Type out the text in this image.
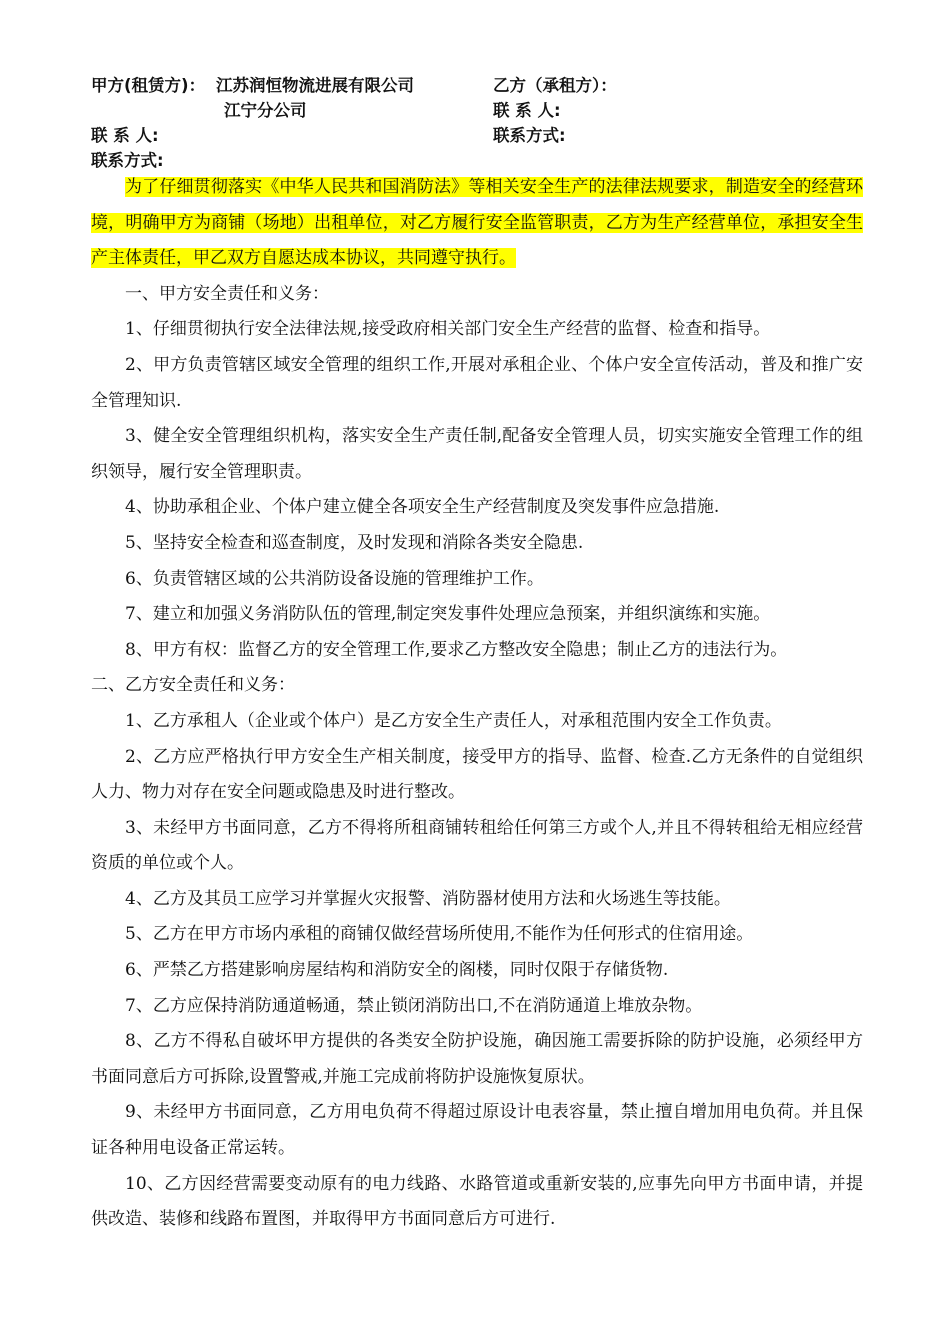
甲方(租赁方)： 江苏润恒物流进展有限公司
江宁分公司
联 系 人:
联系方式:
乙方（承租方）：
联 系 人:
联系方式:

为了仔细贯彻落实《中华人民共和国消防法》等相关安全生产的法律法规要求，制造安全的经营环境，明确甲方为商铺（场地）出租单位，对乙方履行安全监管职责，乙方为生产经营单位，承担安全生产主体责任，甲乙双方自愿达成本协议，共同遵守执行。

一、甲方安全责任和义务：

1、仔细贯彻执行安全法律法规,接受政府相关部门安全生产经营的监督、检查和指导。

2、甲方负责管辖区域安全管理的组织工作,开展对承租企业、个体户安全宣传活动，普及和推广安全管理知识.

3、健全安全管理组织机构，落实安全生产责任制,配备安全管理人员，切实实施安全管理工作的组织领导，履行安全管理职责。

4、协助承租企业、个体户建立健全各项安全生产经营制度及突发事件应急措施.

5、坚持安全检查和巡查制度，及时发现和消除各类安全隐患.

6、负责管辖区域的公共消防设备设施的管理维护工作。

7、建立和加强义务消防队伍的管理,制定突发事件处理应急预案，并组织演练和实施。

8、甲方有权：监督乙方的安全管理工作,要求乙方整改安全隐患；制止乙方的违法行为。

二、乙方安全责任和义务：

1、乙方承租人（企业或个体户）是乙方安全生产责任人，对承租范围内安全工作负责。

2、乙方应严格执行甲方安全生产相关制度，接受甲方的指导、监督、检查.乙方无条件的自觉组织人力、物力对存在安全问题或隐患及时进行整改。

3、未经甲方书面同意，乙方不得将所租商铺转租给任何第三方或个人,并且不得转租给无相应经营资质的单位或个人。

4、乙方及其员工应学习并掌握火灾报警、消防器材使用方法和火场逃生等技能。

5、乙方在甲方市场内承租的商铺仅做经营场所使用,不能作为任何形式的住宿用途。

6、严禁乙方搭建影响房屋结构和消防安全的阁楼，同时仅限于存储货物.

7、乙方应保持消防通道畅通，禁止锁闭消防出口,不在消防通道上堆放杂物。

8、乙方不得私自破坏甲方提供的各类安全防护设施，确因施工需要拆除的防护设施，必须经甲方书面同意后方可拆除,设置警戒,并施工完成前将防护设施恢复原状。

9、未经甲方书面同意，乙方用电负荷不得超过原设计电表容量，禁止擅自增加用电负荷。并且保证各种用电设备正常运转。

10、乙方因经营需要变动原有的电力线路、水路管道或重新安装的,应事先向甲方书面申请，并提供改造、装修和线路布置图，并取得甲方书面同意后方可进行.
